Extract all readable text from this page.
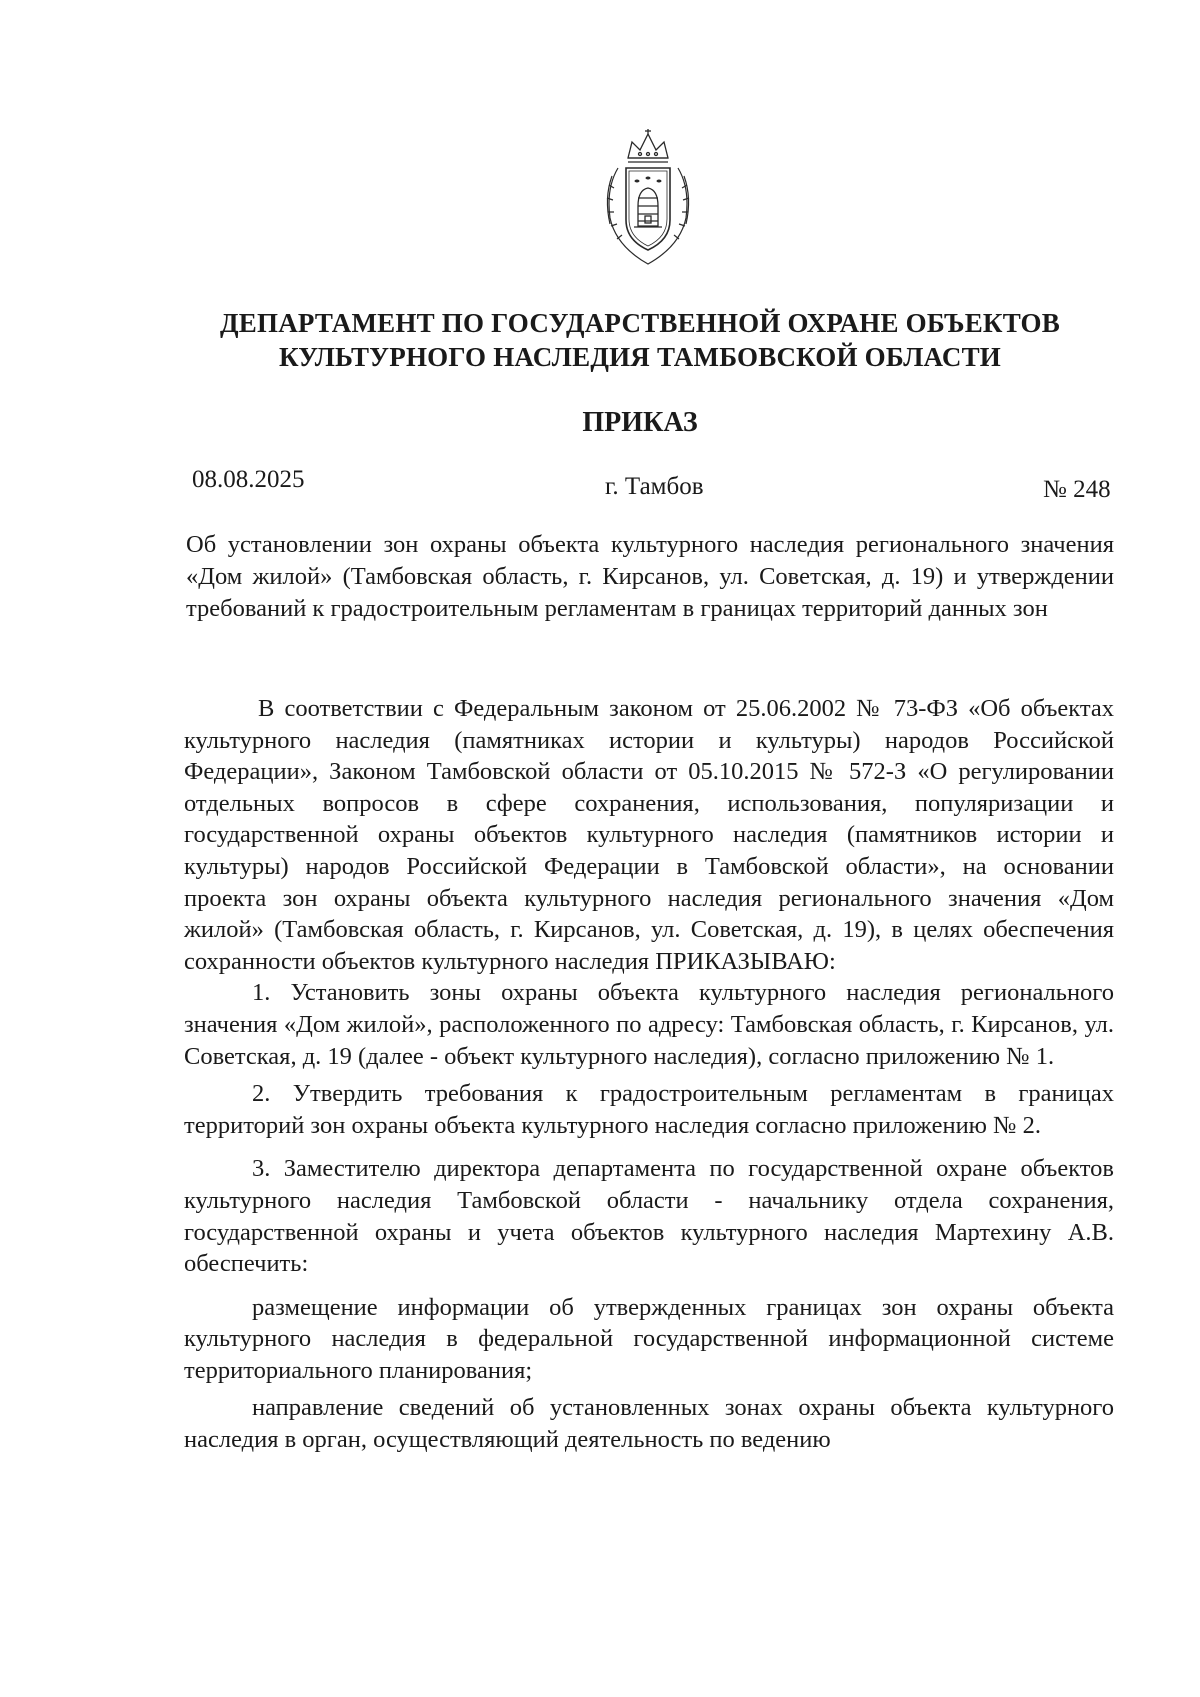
ДЕПАРТАМЕНТ ПО ГОСУДАРСТВЕННОЙ ОХРАНЕ ОБЪЕКТОВ
КУЛЬТУРНОГО НАСЛЕДИЯ ТАМБОВСКОЙ ОБЛАСТИ
ПРИКАЗ
08.08.2025	г. Тамбов	№ 248
Об установлении зон охраны объекта культурного наследия регионального значения «Дом жилой» (Тамбовская область, г. Кирсанов, ул. Советская, д. 19) и утверждении требований к градостроительным регламентам в границах территорий данных зон

В соответствии с Федеральным законом от 25.06.2002 № 73-ФЗ «Об объектах культурного наследия (памятниках истории и культуры) народов Российской Федерации», Законом Тамбовской области от 05.10.2015 № 572-З «О регулировании отдельных вопросов в сфере сохранения, использования, популяризации и государственной охраны объектов культурного наследия (памятников истории и культуры) народов Российской Федерации в Тамбовской области», на основании проекта зон охраны объекта культурного наследия регионального значения «Дом жилой» (Тамбовская область, г. Кирсанов, ул. Советская, д. 19), в целях обеспечения сохранности объектов культурного наследия ПРИКАЗЫВАЮ:

1. Установить зоны охраны объекта культурного наследия регионального значения «Дом жилой», расположенного по адресу: Тамбовская область, г. Кирсанов, ул. Советская, д. 19 (далее - объект культурного наследия), согласно приложению № 1.

2. Утвердить требования к градостроительным регламентам в границах территорий зон охраны объекта культурного наследия согласно приложению № 2.

3. Заместителю директора департамента по государственной охране объектов культурного наследия Тамбовской области - начальнику отдела сохранения, государственной охраны и учета объектов культурного наследия Мартехину А.В. обеспечить:

размещение информации об утвержденных границах зон охраны объекта культурного наследия в федеральной государственной информационной системе территориального планирования;

направление сведений об установленных зонах охраны объекта культурного наследия в орган, осуществляющий деятельность по ведению
